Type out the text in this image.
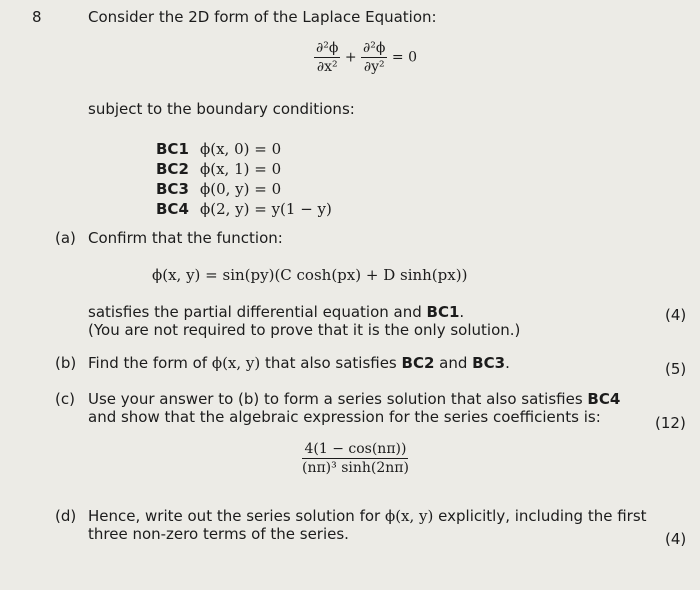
8	Consider the 2D form of the Laplace Equation:
$\frac{\text{∂²ϕ}}{\text{∂x²}} + \frac{\text{∂²ϕ}}{\text{∂y²}} = 0$
subject to the boundary conditions:
BC1 ϕ(x, 0) = 0
BC2 ϕ(x, 1) = 0
BC3 ϕ(0, y) = 0
BC4 ϕ(2, y) = y(1 − y)
(a) Confirm that the function:
ϕ(x, y) = sin(py)(C cosh(px) + D sinh(px))
satisfies the partial differential equation and BC1.
(You are not required to prove that it is the only solution.)
(4)
(b) Find the form of ϕ(x, y) that also satisfies BC2 and BC3.	(5)
(c) Use your answer to (b) to form a series solution that also satisfies BC4
and show that the algebraic expression for the series coefficients is:	(12)
$\frac{4(1 - \cos(n\pi))}{\text{(nπ)³ sinh(2nπ)}}$
(d) Hence, write out the series solution for ϕ(x, y) explicitly, including the first
three non-zero terms of the series.	(4)
